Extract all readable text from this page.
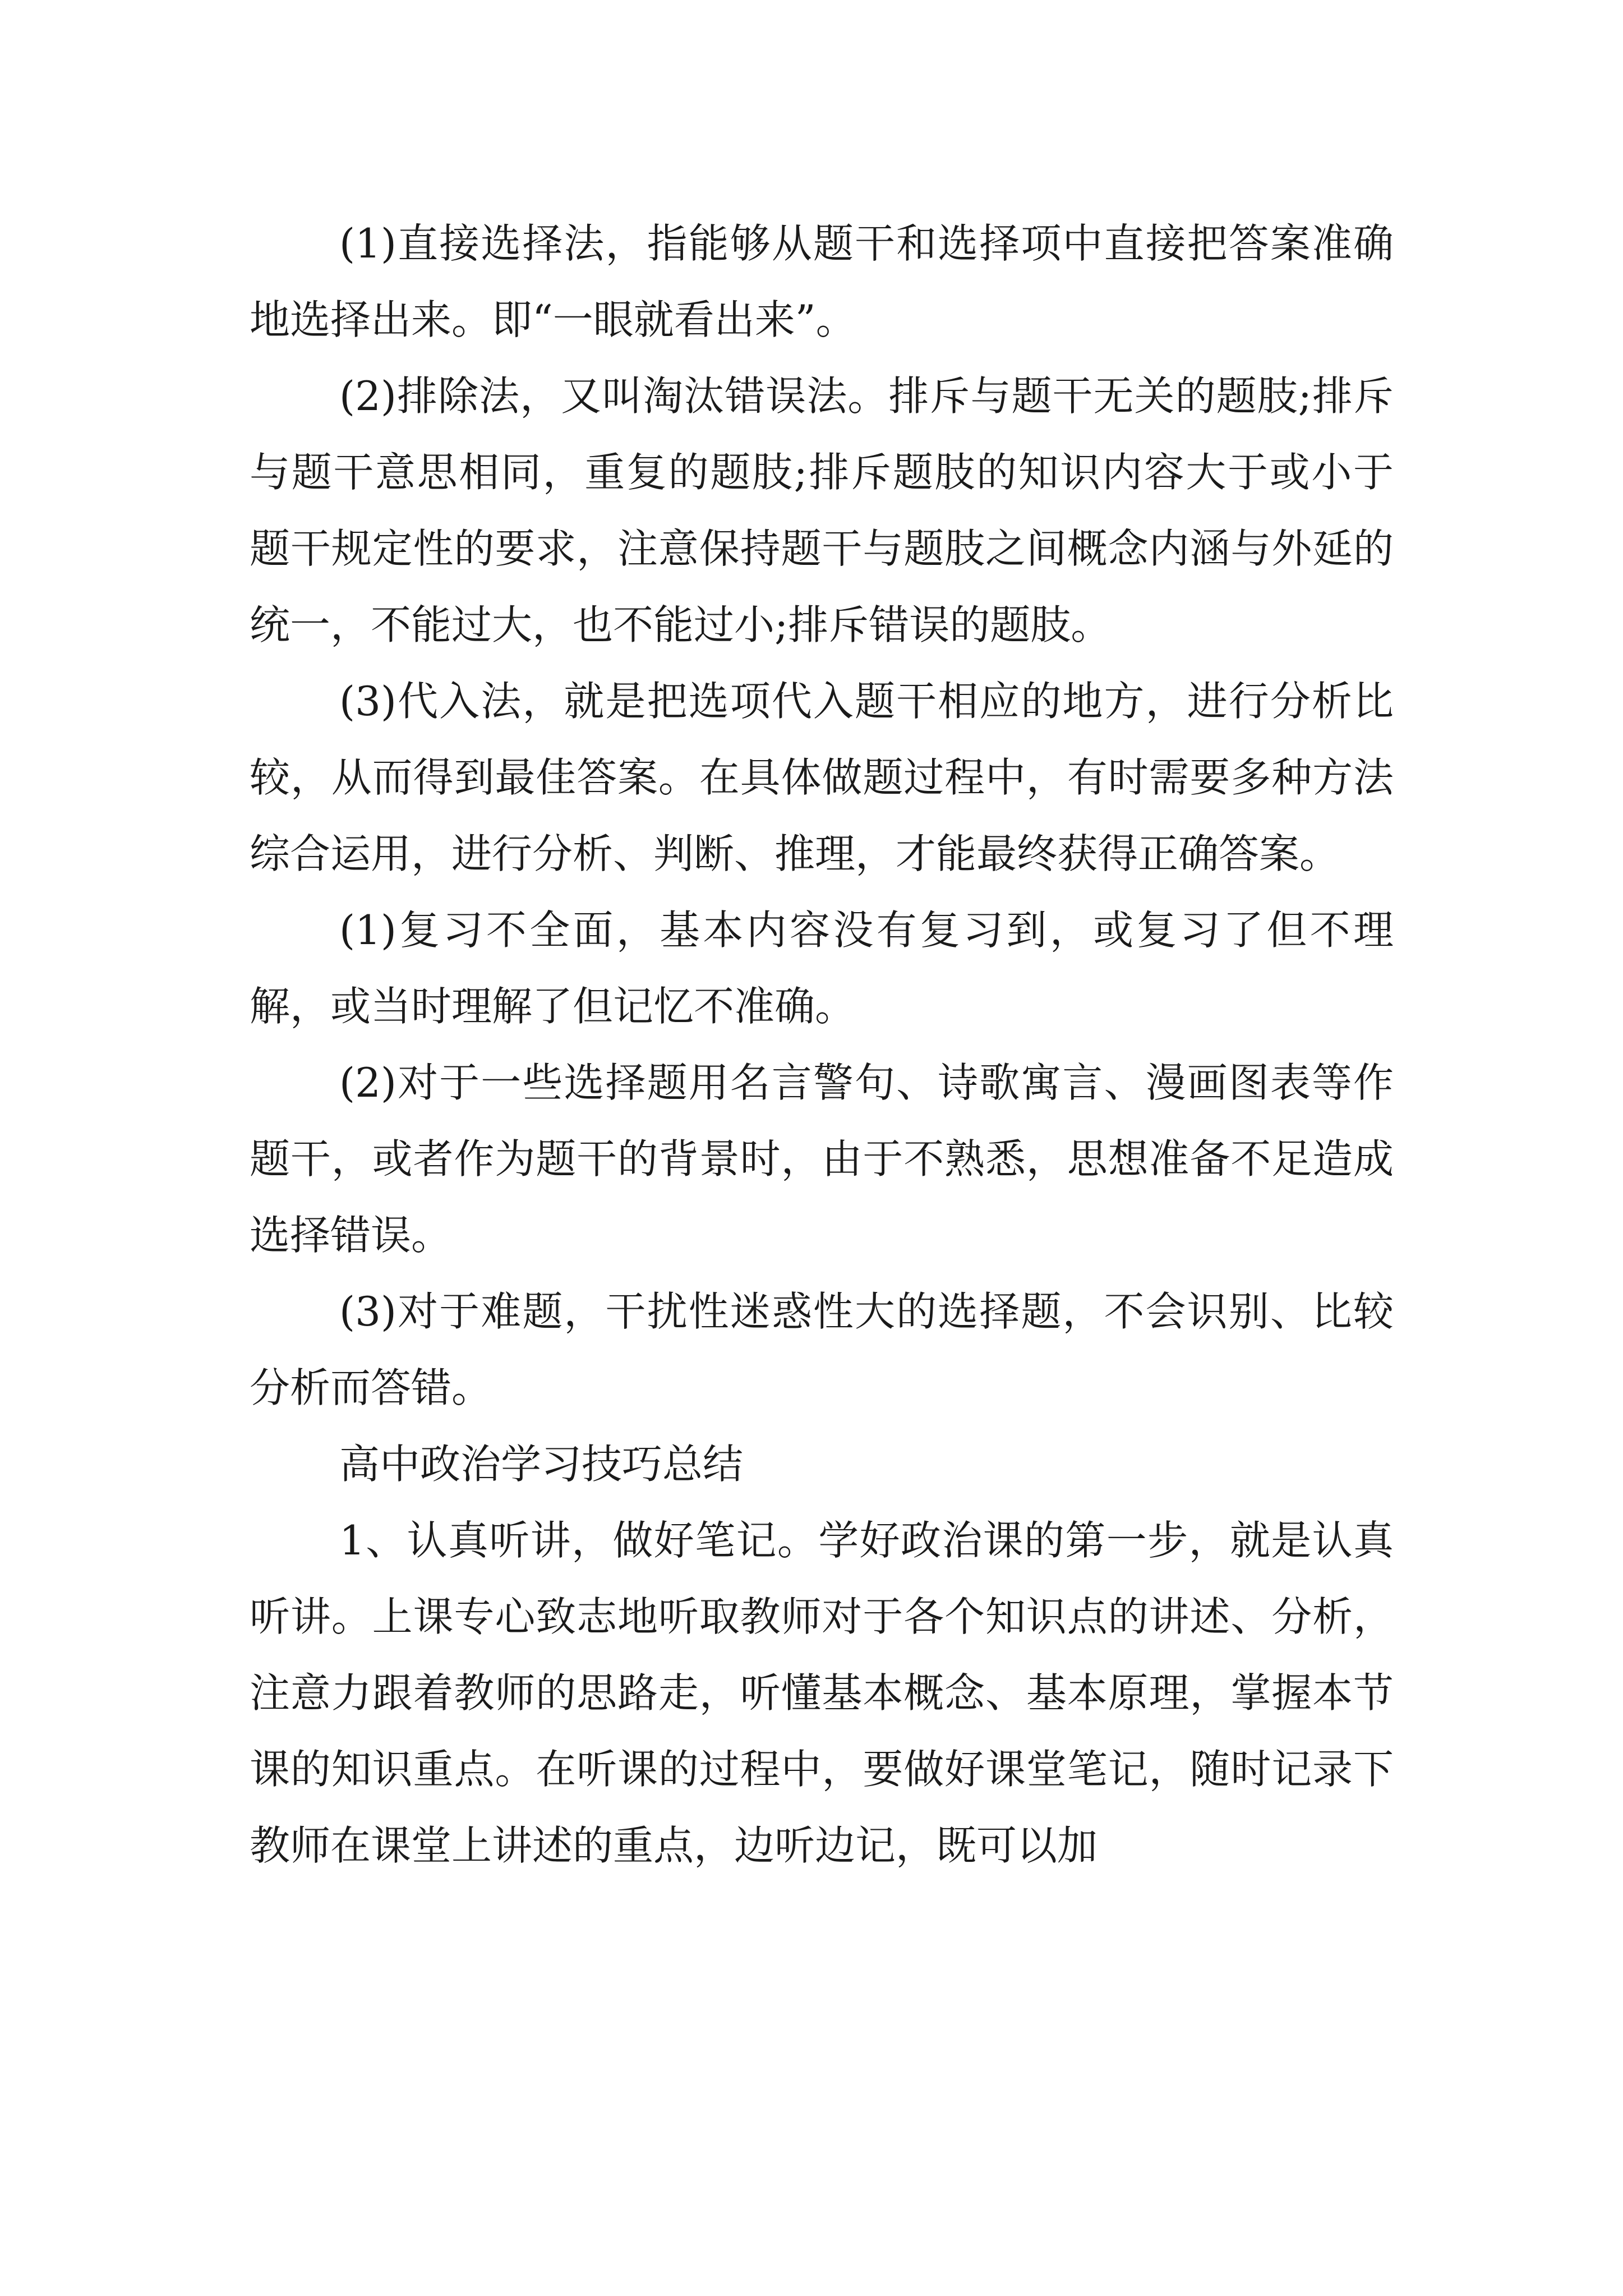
(1)直接选择法，指能够从题干和选择项中直接把答案准确地选择出来。即“一眼就看出来”。

(2)排除法，又叫淘汰错误法。排斥与题干无关的题肢;排斥与题干意思相同，重复的题肢;排斥题肢的知识内容大于或小于题干规定性的要求，注意保持题干与题肢之间概念内涵与外延的统一，不能过大，也不能过小;排斥错误的题肢。

(3)代入法，就是把选项代入题干相应的地方，进行分析比较，从而得到最佳答案。在具体做题过程中，有时需要多种方法综合运用，进行分析、判断、推理，才能最终获得正确答案。

(1)复习不全面，基本内容没有复习到，或复习了但不理解，或当时理解了但记忆不准确。

(2)对于一些选择题用名言警句、诗歌寓言、漫画图表等作题干，或者作为题干的背景时，由于不熟悉，思想准备不足造成选择错误。

(3)对于难题，干扰性迷惑性大的选择题，不会识别、比较分析而答错。

高中政治学习技巧总结

1、认真听讲，做好笔记。学好政治课的第一步，就是认真听讲。上课专心致志地听取教师对于各个知识点的讲述、分析，注意力跟着教师的思路走，听懂基本概念、基本原理，掌握本节课的知识重点。在听课的过程中，要做好课堂笔记，随时记录下教师在课堂上讲述的重点，边听边记，既可以加
